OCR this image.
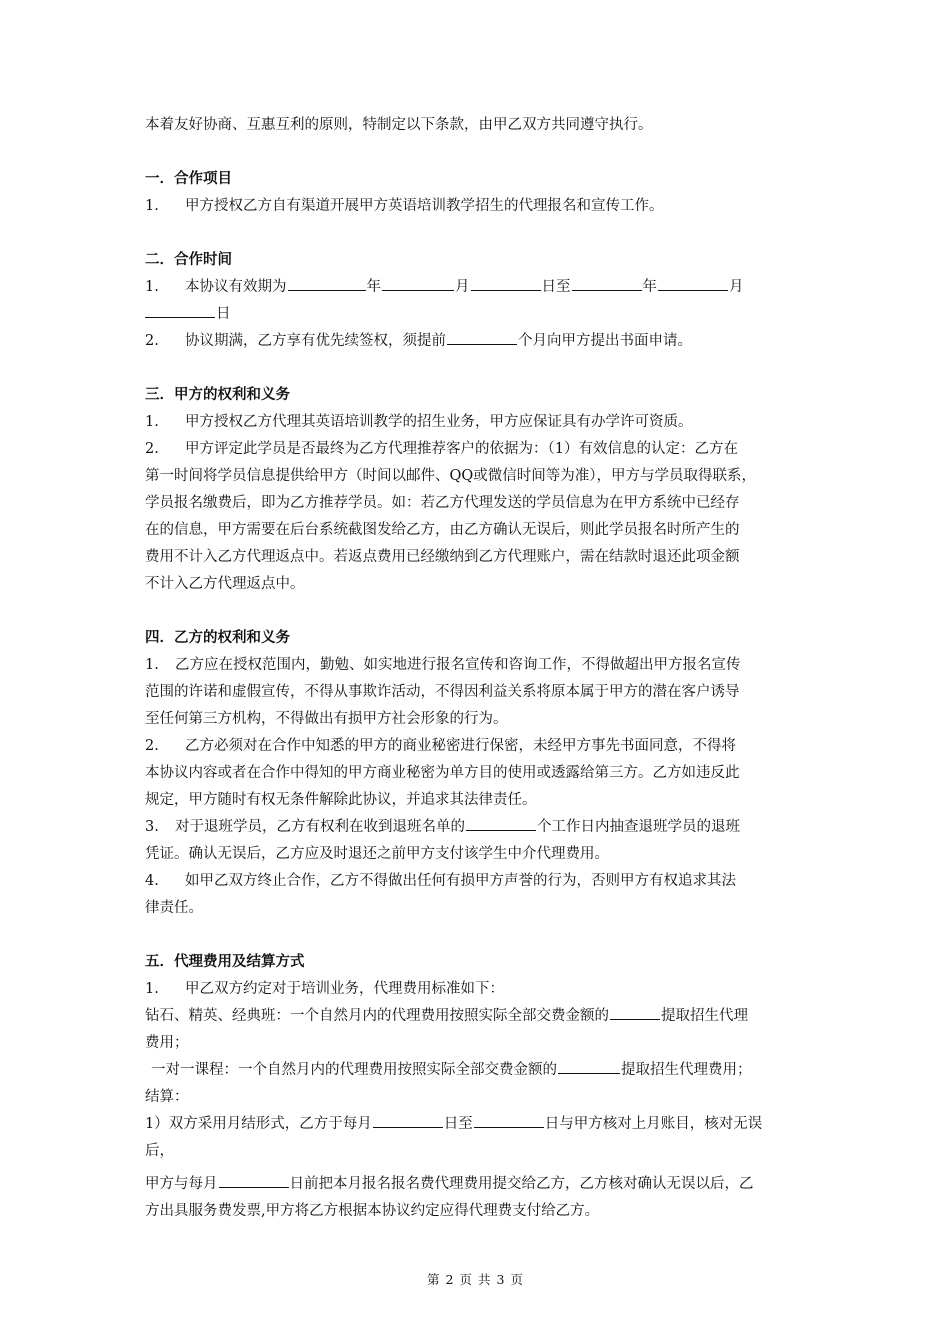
本着友好协商、互惠互利的原则，特制定以下条款，由甲乙双方共同遵守执行。
一．合作项目
1. 甲方授权乙方自有渠道开展甲方英语培训教学招生的代理报名和宣传工作。
二．合作时间
1. 本协议有效期为	年	月	日至	年	月
日
2. 协议期满，乙方享有优先续签权，须提前	个月向甲方提出书面申请。
三．甲方的权利和义务
1. 甲方授权乙方代理其英语培训教学的招生业务，甲方应保证具有办学许可资质。
2. 甲方评定此学员是否最终为乙方代理推荐客户的依据为：（1）有效信息的认定：乙方在
第一时间将学员信息提供给甲方（时间以邮件、QQ或微信时间等为准），甲方与学员取得联系，
学员报名缴费后，即为乙方推荐学员。如：若乙方代理发送的学员信息为在甲方系统中已经存
在的信息，甲方需要在后台系统截图发给乙方，由乙方确认无误后，则此学员报名时所产生的
费用不计入乙方代理返点中。若返点费用已经缴纳到乙方代理账户，需在结款时退还此项金额
不计入乙方代理返点中。
四．乙方的权利和义务
1. 乙方应在授权范围内，勤勉、如实地进行报名宣传和咨询工作，不得做超出甲方报名宣传
范围的许诺和虚假宣传，不得从事欺诈活动，不得因利益关系将原本属于甲方的潜在客户诱导
至任何第三方机构，不得做出有损甲方社会形象的行为。
2. 乙方必须对在合作中知悉的甲方的商业秘密进行保密，未经甲方事先书面同意，不得将
本协议内容或者在合作中得知的甲方商业秘密为单方目的使用或透露给第三方。乙方如违反此
规定，甲方随时有权无条件解除此协议，并追求其法律责任。
3. 对于退班学员，乙方有权利在收到退班名单的	个工作日内抽查退班学员的退班
凭证。确认无误后，乙方应及时退还之前甲方支付该学生中介代理费用。
4. 如甲乙双方终止合作，乙方不得做出任何有损甲方声誉的行为，否则甲方有权追求其法
律责任。
五．代理费用及结算方式
1. 甲乙双方约定对于培训业务，代理费用标准如下：
钻石、精英、经典班：一个自然月内的代理费用按照实际全部交费金额的	提取招生代理
费用；
一对一课程：一个自然月内的代理费用按照实际全部交费金额的	提取招生代理费用；
结算：
1）双方采用月结形式，乙方于每月	日至	日与甲方核对上月账目，核对无误
后，
甲方与每月	日前把本月报名报名费代理费用提交给乙方，乙方核对确认无误以后，乙
方出具服务费发票,甲方将乙方根据本协议约定应得代理费支付给乙方。
第 2 页 共 3 页
